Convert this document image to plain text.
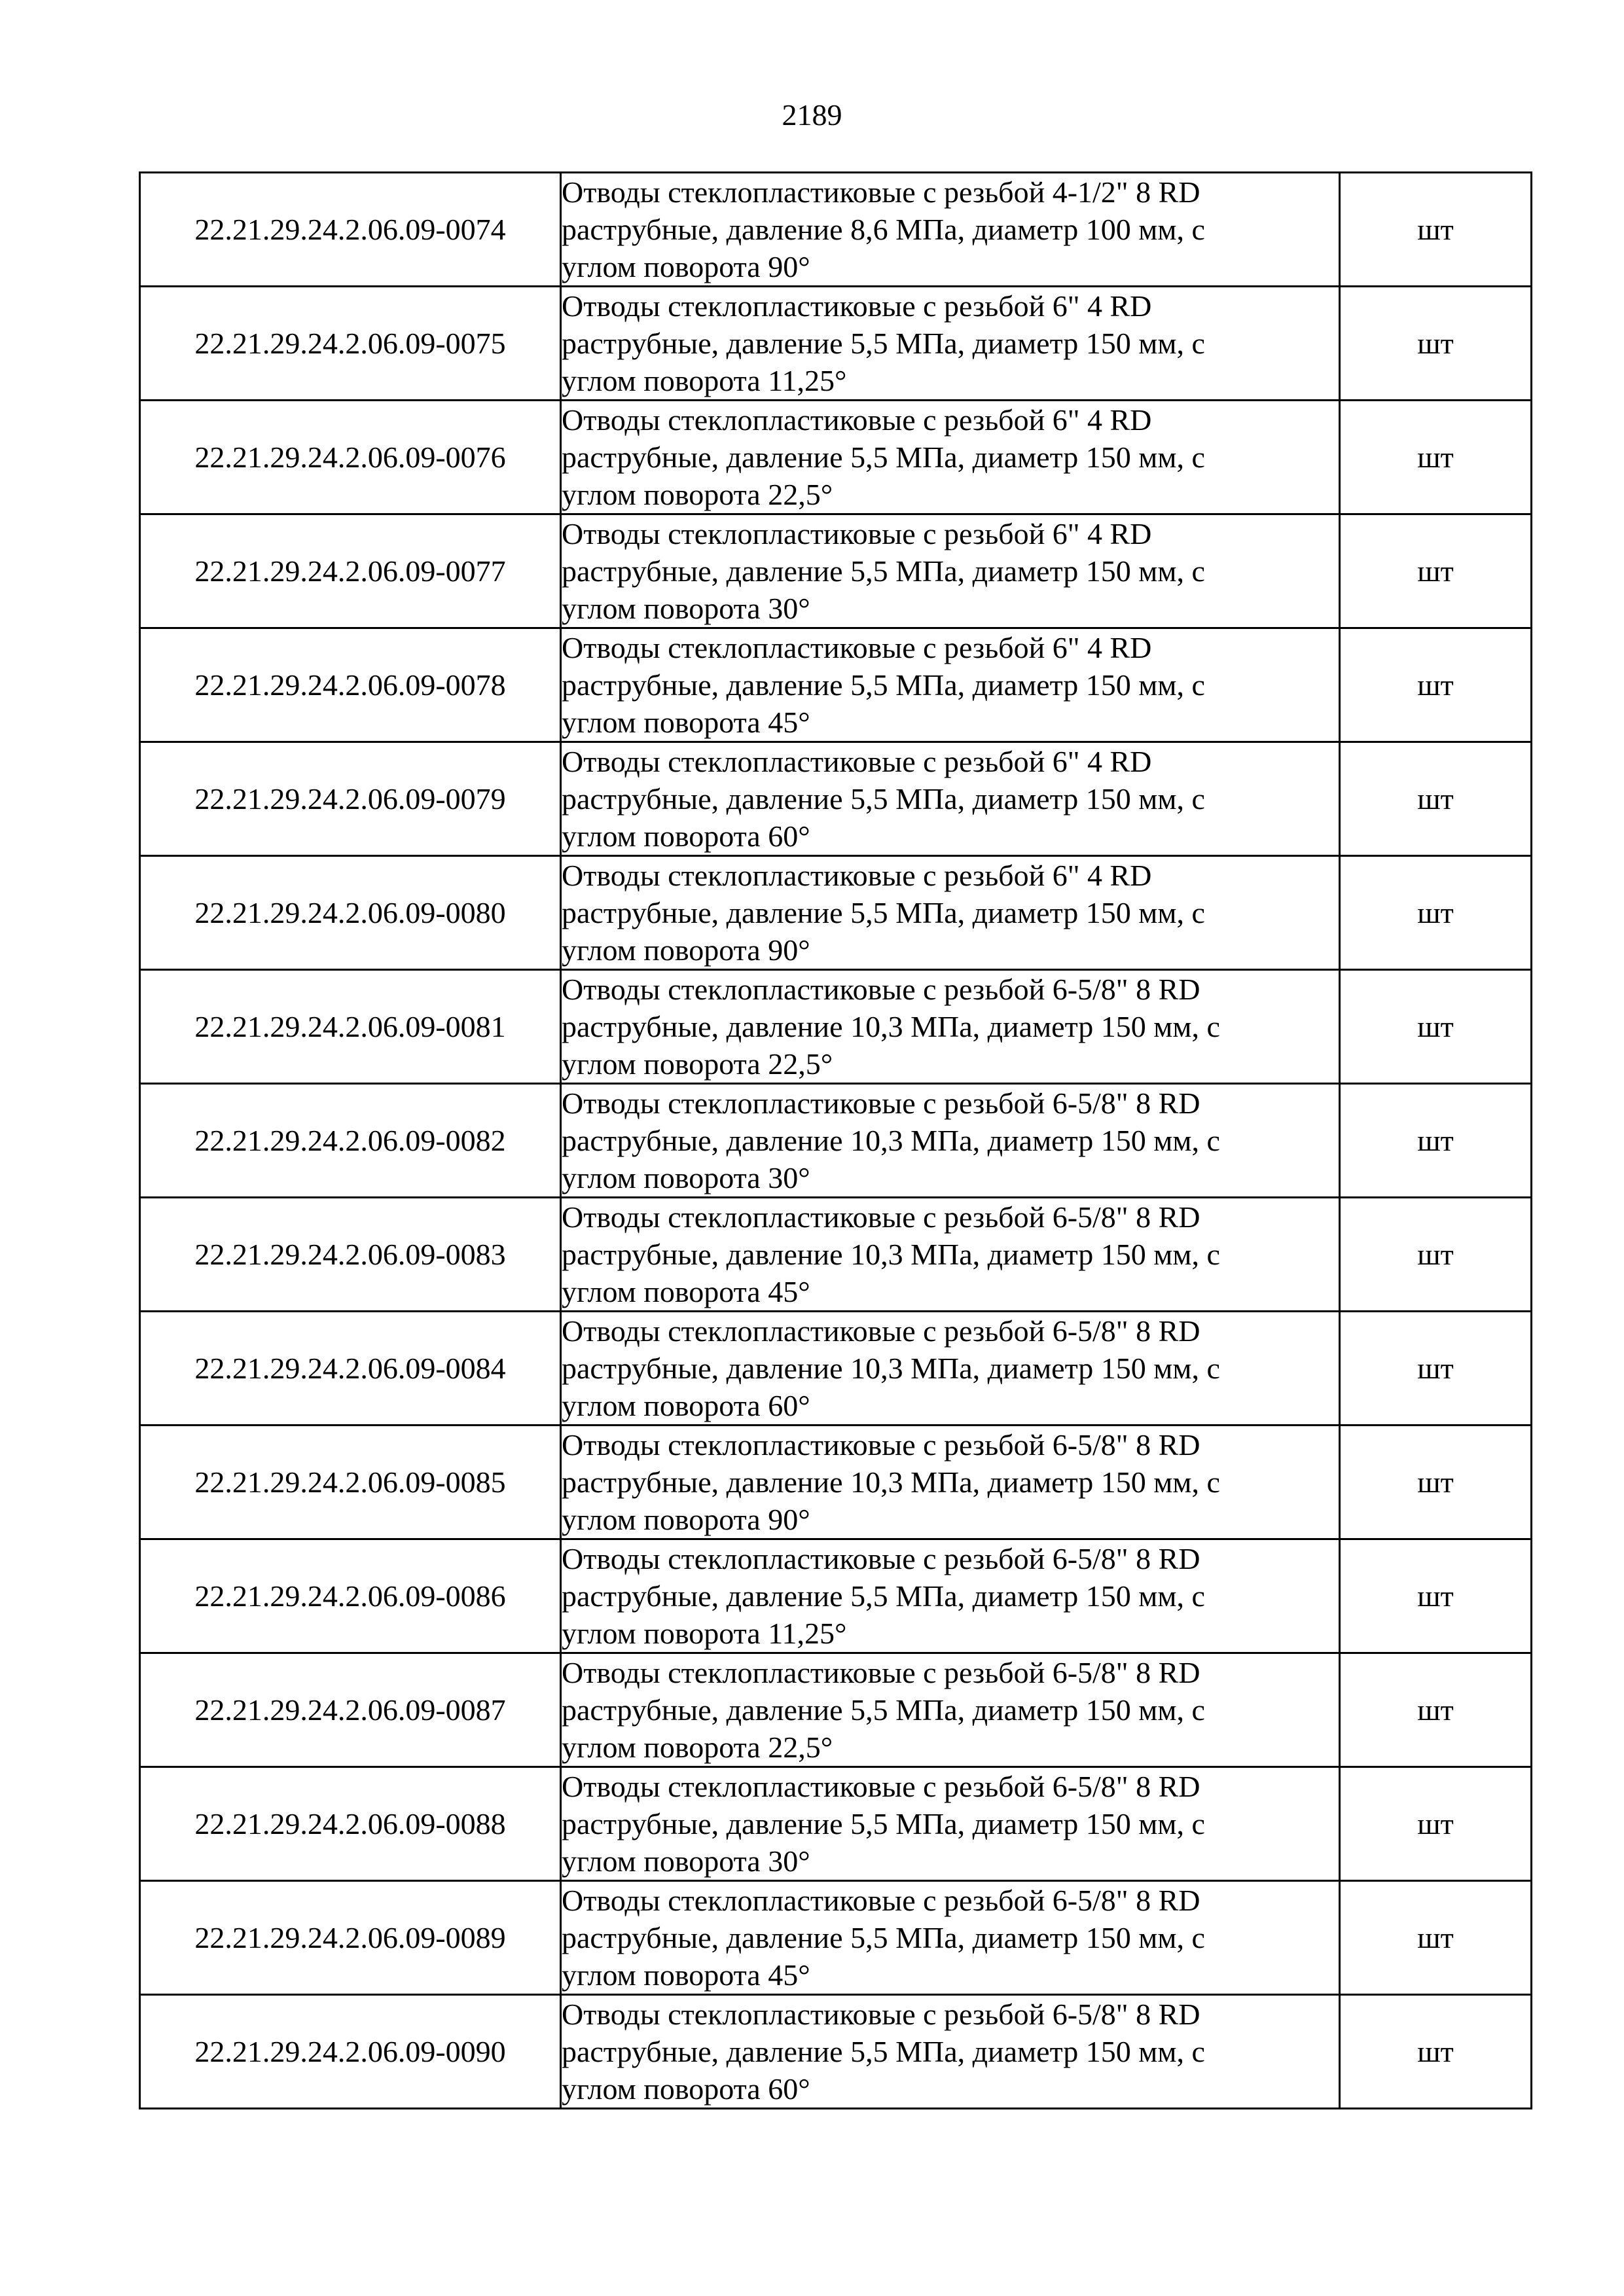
2189
22.21.29.24.2.06.09-0074	Отводы стеклопластиковые с резьбой 4-1/2" 8 RD
раструбные, давление 8,6 МПа, диаметр 100 мм, с
углом поворота 90°	шт
22.21.29.24.2.06.09-0075	Отводы стеклопластиковые с резьбой 6" 4 RD
раструбные, давление 5,5 МПа, диаметр 150 мм, с
углом поворота 11,25°	шт
22.21.29.24.2.06.09-0076	Отводы стеклопластиковые с резьбой 6" 4 RD
раструбные, давление 5,5 МПа, диаметр 150 мм, с
углом поворота 22,5°	шт
22.21.29.24.2.06.09-0077	Отводы стеклопластиковые с резьбой 6" 4 RD
раструбные, давление 5,5 МПа, диаметр 150 мм, с
углом поворота 30°	шт
22.21.29.24.2.06.09-0078	Отводы стеклопластиковые с резьбой 6" 4 RD
раструбные, давление 5,5 МПа, диаметр 150 мм, с
углом поворота 45°	шт
22.21.29.24.2.06.09-0079	Отводы стеклопластиковые с резьбой 6" 4 RD
раструбные, давление 5,5 МПа, диаметр 150 мм, с
углом поворота 60°	шт
22.21.29.24.2.06.09-0080	Отводы стеклопластиковые с резьбой 6" 4 RD
раструбные, давление 5,5 МПа, диаметр 150 мм, с
углом поворота 90°	шт
22.21.29.24.2.06.09-0081	Отводы стеклопластиковые с резьбой 6-5/8" 8 RD
раструбные, давление 10,3 МПа, диаметр 150 мм, с
углом поворота 22,5°	шт
22.21.29.24.2.06.09-0082	Отводы стеклопластиковые с резьбой 6-5/8" 8 RD
раструбные, давление 10,3 МПа, диаметр 150 мм, с
углом поворота 30°	шт
22.21.29.24.2.06.09-0083	Отводы стеклопластиковые с резьбой 6-5/8" 8 RD
раструбные, давление 10,3 МПа, диаметр 150 мм, с
углом поворота 45°	шт
22.21.29.24.2.06.09-0084	Отводы стеклопластиковые с резьбой 6-5/8" 8 RD
раструбные, давление 10,3 МПа, диаметр 150 мм, с
углом поворота 60°	шт
22.21.29.24.2.06.09-0085	Отводы стеклопластиковые с резьбой 6-5/8" 8 RD
раструбные, давление 10,3 МПа, диаметр 150 мм, с
углом поворота 90°	шт
22.21.29.24.2.06.09-0086	Отводы стеклопластиковые с резьбой 6-5/8" 8 RD
раструбные, давление 5,5 МПа, диаметр 150 мм, с
углом поворота 11,25°	шт
22.21.29.24.2.06.09-0087	Отводы стеклопластиковые с резьбой 6-5/8" 8 RD
раструбные, давление 5,5 МПа, диаметр 150 мм, с
углом поворота 22,5°	шт
22.21.29.24.2.06.09-0088	Отводы стеклопластиковые с резьбой 6-5/8" 8 RD
раструбные, давление 5,5 МПа, диаметр 150 мм, с
углом поворота 30°	шт
22.21.29.24.2.06.09-0089	Отводы стеклопластиковые с резьбой 6-5/8" 8 RD
раструбные, давление 5,5 МПа, диаметр 150 мм, с
углом поворота 45°	шт
22.21.29.24.2.06.09-0090	Отводы стеклопластиковые с резьбой 6-5/8" 8 RD
раструбные, давление 5,5 МПа, диаметр 150 мм, с
углом поворота 60°	шт
